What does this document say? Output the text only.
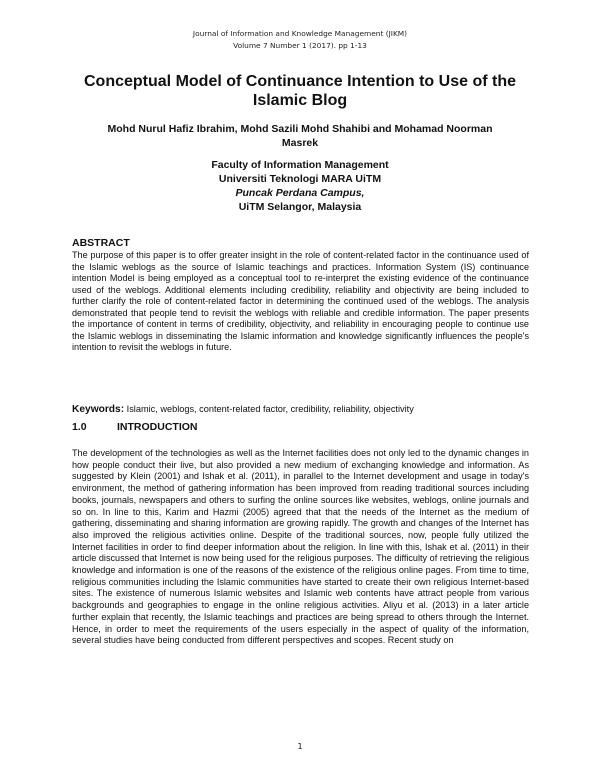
Journal of Information and Knowledge Management (JIKM)
Volume 7 Number 1 (2017). pp 1-13
Conceptual Model of Continuance Intention to Use of the Islamic Blog
Mohd Nurul Hafiz Ibrahim, Mohd Sazili Mohd Shahibi and Mohamad Noorman Masrek
Faculty of Information Management
Universiti Teknologi MARA UiTM
Puncak Perdana Campus,
UiTM Selangor, Malaysia
ABSTRACT
The purpose of this paper is to offer greater insight in the role of content-related factor in the continuance used of the Islamic weblogs as the source of Islamic teachings and practices. Information System (IS) continuance intention Model is being employed as a conceptual tool to re-interpret the existing evidence of the continuance used of the weblogs. Additional elements including credibility, reliability and objectivity are being included to further clarify the role of content-related factor in determining the continued used of the weblogs. The analysis demonstrated that people tend to revisit the weblogs with reliable and credible information. The paper presents the importance of content in terms of credibility, objectivity, and reliability in encouraging people to continue use the Islamic weblogs in disseminating the Islamic information and knowledge significantly influences the people's intention to revisit the weblogs in future.
Keywords: Islamic, weblogs, content-related factor, credibility, reliability, objectivity
1.0	INTRODUCTION
The development of the technologies as well as the Internet facilities does not only led to the dynamic changes in how people conduct their live, but also provided a new medium of exchanging knowledge and information. As suggested by Klein (2001) and Ishak et al. (2011), in parallel to the Internet development and usage in today's environment, the method of gathering information has been improved from reading traditional sources including books, journals, newspapers and others to surfing the online sources like websites, weblogs, online journals and so on. In line to this, Karim and Hazmi (2005) agreed that that the needs of the Internet as the medium of gathering, disseminating and sharing information are growing rapidly. The growth and changes of the Internet has also improved the religious activities online. Despite of the traditional sources, now, people fully utilized the Internet facilities in order to find deeper information about the religion. In line with this, Ishak et al. (2011) in their article discussed that Internet is now being used for the religious purposes. The difficulty of retrieving the religious knowledge and information is one of the reasons of the existence of the religious online pages. From time to time, religious communities including the Islamic communities have started to create their own religious Internet-based sites. The existence of numerous Islamic websites and Islamic web contents have attract people from various backgrounds and geographies to engage in the online religious activities. Aliyu et al. (2013) in a later article further explain that recently, the Islamic teachings and practices are being spread to others through the Internet. Hence, in order to meet the requirements of the users especially in the aspect of quality of the information, several studies have being conducted from different perspectives and scopes. Recent study on
1
